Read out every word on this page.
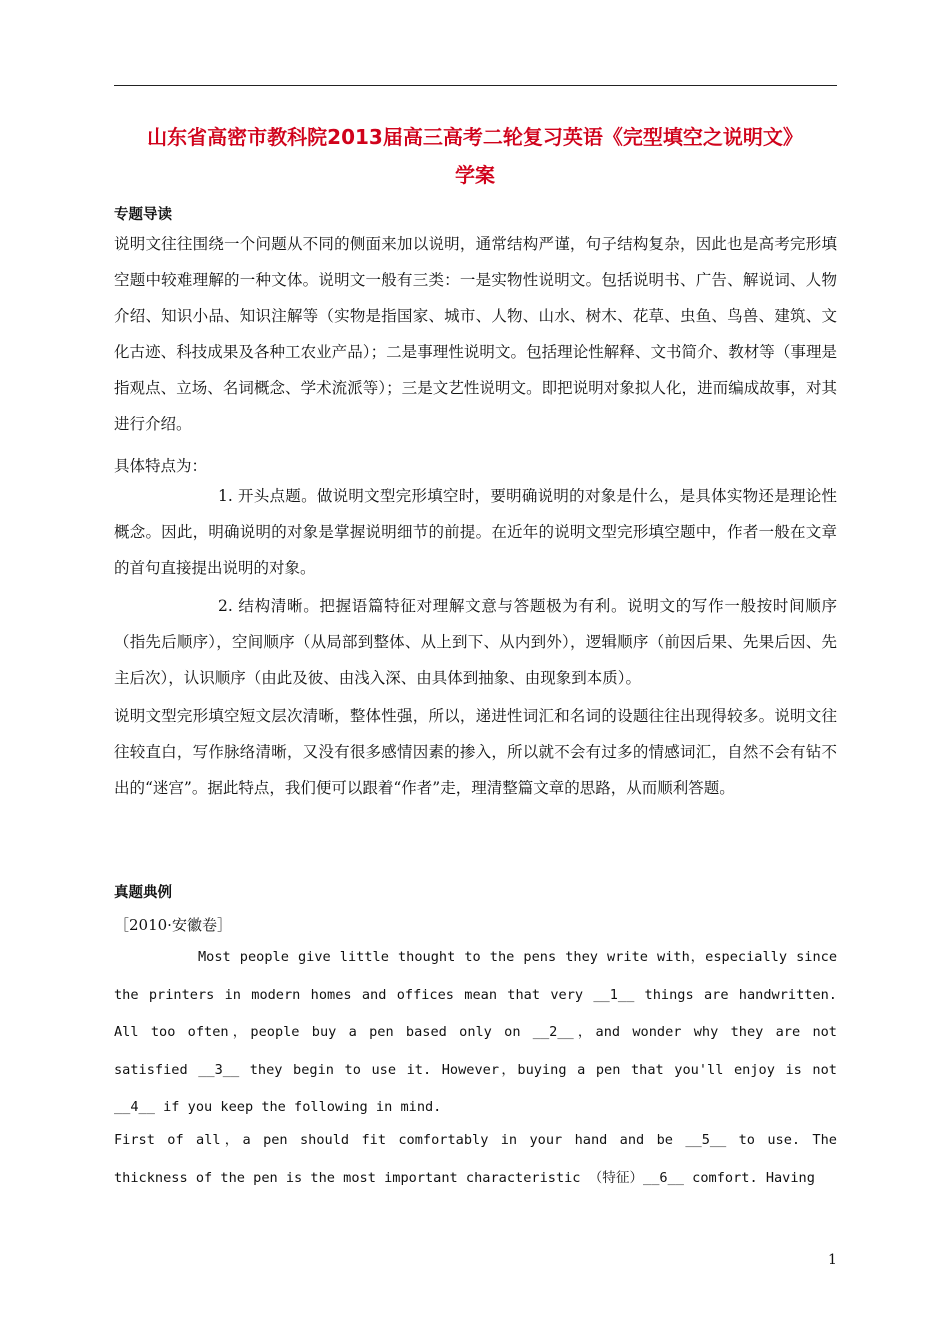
山东省高密市教科院2013届高三高考二轮复习英语《完型填空之说明文》
学案
专题导读
说明文往往围绕一个问题从不同的侧面来加以说明，通常结构严谨，句子结构复杂，因此也是高考完形填空题中较难理解的一种文体。说明文一般有三类：一是实物性说明文。包括说明书、广告、解说词、人物介绍、知识小品、知识注解等（实物是指国家、城市、人物、山水、树木、花草、虫鱼、鸟兽、建筑、文化古迹、科技成果及各种工农业产品）；二是事理性说明文。包括理论性解释、文书简介、教材等（事理是指观点、立场、名词概念、学术流派等）；三是文艺性说明文。即把说明对象拟人化，进而编成故事，对其进行介绍。
具体特点为：
1. 开头点题。做说明文型完形填空时，要明确说明的对象是什么，是具体实物还是理论性概念。因此，明确说明的对象是掌握说明细节的前提。在近年的说明文型完形填空题中，作者一般在文章的首句直接提出说明的对象。
2. 结构清晰。把握语篇特征对理解文意与答题极为有利。说明文的写作一般按时间顺序（指先后顺序），空间顺序（从局部到整体、从上到下、从内到外），逻辑顺序（前因后果、先果后因、先主后次），认识顺序（由此及彼、由浅入深、由具体到抽象、由现象到本质）。
说明文型完形填空短文层次清晰，整体性强，所以，递进性词汇和名词的设题往往出现得较多。说明文往往较直白，写作脉络清晰，又没有很多感情因素的掺入，所以就不会有过多的情感词汇，自然不会有钻不出的“迷宫”。据此特点，我们便可以跟着“作者”走，理清整篇文章的思路，从而顺利答题。
真题典例
［2010·安徽卷］
Most people give little thought to the pens they write with，especially since the printers in modern homes and offices mean that very __1__ things are handwritten. All too often，people buy a pen based only on __2__，and wonder why they are not satisfied __3__ they begin to use it. However，buying a pen that you'll enjoy is not __4__ if you keep the following in mind.
First of all，a pen should fit comfortably in your hand and be __5__ to use. The thickness of the pen is the most important characteristic （特征）__6__ comfort. Having
1
